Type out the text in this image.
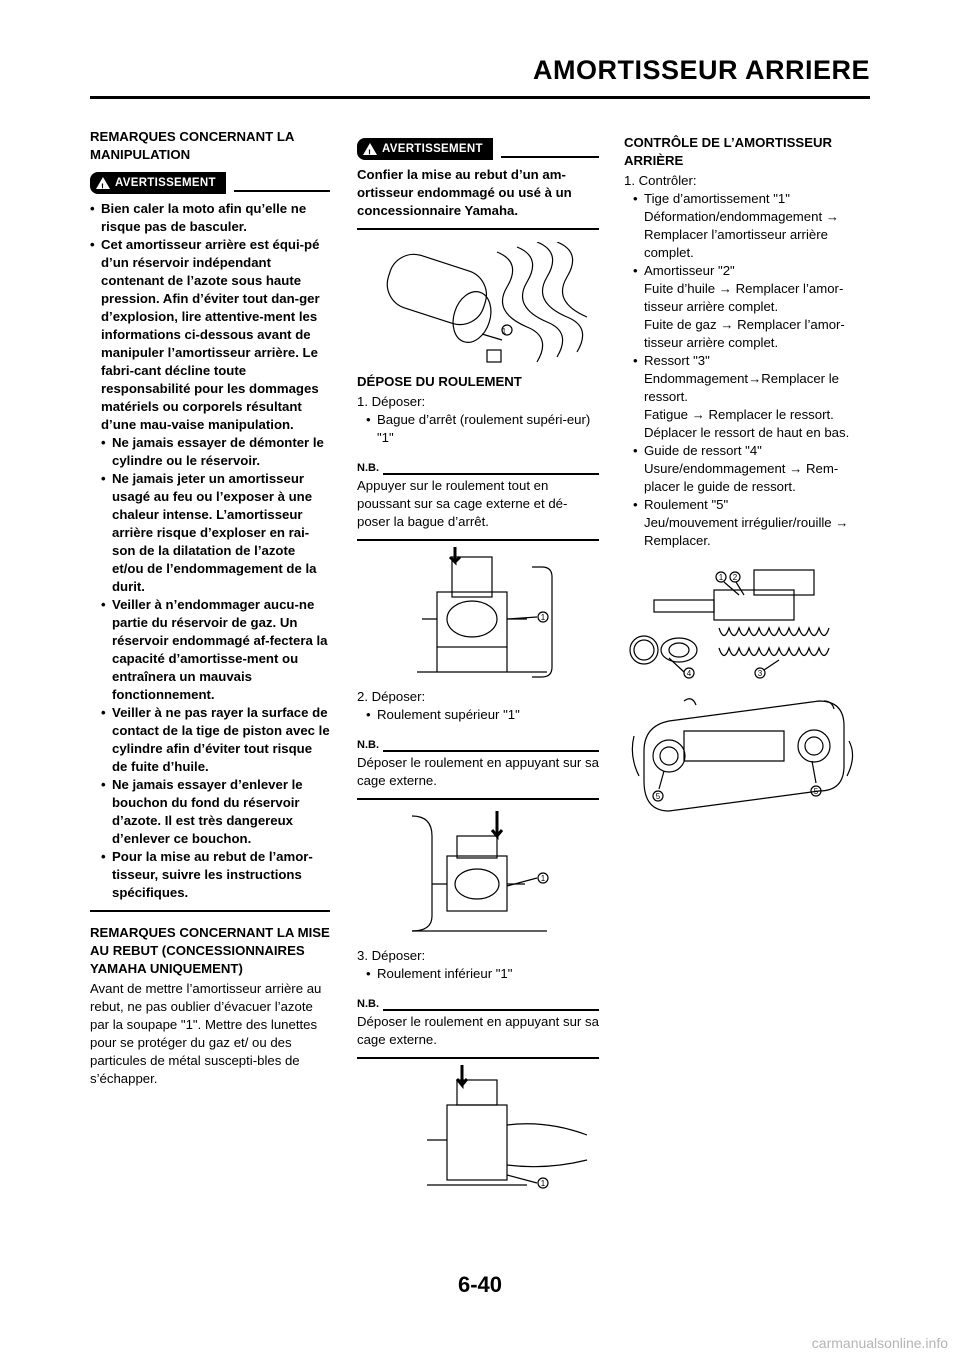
AMORTISSEUR ARRIERE
REMARQUES CONCERNANT LA MANIPULATION
!
AVERTISSEMENT
• Bien caler la moto afin qu’elle ne risque pas de basculer.
• Cet amortisseur arrière est équi-pé d’un réservoir indépendant contenant de l’azote sous haute pression. Afin d’éviter tout dan-ger d’explosion, lire attentive-ment les informations ci-dessous avant de manipuler l’amortisseur arrière. Le fabri-cant décline toute responsabilité pour les dommages matériels ou corporels résultant d’une mau-vaise manipulation.
• Ne jamais essayer de démonter le cylindre ou le réservoir.
• Ne jamais jeter un amortisseur usagé au feu ou l’exposer à une chaleur intense. L’amortisseur arrière risque d’exploser en rai-son de la dilatation de l’azote et/ou de l’endommagement de la durit.
• Veiller à n’endommager aucu-ne partie du réservoir de gaz. Un réservoir endommagé af-fectera la capacité d’amortisse-ment ou entraînera un mauvais fonctionnement.
• Veiller à ne pas rayer la surface de contact de la tige de piston avec le cylindre afin d’éviter tout risque de fuite d’huile.
• Ne jamais essayer d’enlever le bouchon du fond du réservoir d’azote. Il est très dangereux d’enlever ce bouchon.
• Pour la mise au rebut de l’amor-tisseur, suivre les instructions spécifiques.
REMARQUES CONCERNANT LA MISE AU REBUT (CONCESSIONNAIRES YAMAHA UNIQUEMENT)

Avant de mettre l’amortisseur arrière au rebut, ne pas oublier d’évacuer l’azote par la soupape "1". Mettre des lunettes pour se protéger du gaz et/ ou des particules de métal suscepti-bles de s’échapper.

!
AVERTISSEMENT

Confier la mise au rebut d’un am-ortisseur endommagé ou usé à un concessionnaire Yamaha.

1
DÉPOSE DU ROULEMENT
1. Déposer:
• Bague d’arrêt (roulement supéri-eur) "1"
N.B.

Appuyer sur le roulement tout en poussant sur sa cage externe et dé-poser la bague d’arrêt.

1
2. Déposer:
• Roulement supérieur "1"
N.B.

Déposer le roulement en appuyant sur sa cage externe.

1
3. Déposer:
• Roulement inférieur "1"
N.B.

Déposer le roulement en appuyant sur sa cage externe.

1
CONTRÔLE DE L’AMORTISSEUR ARRIÈRE
1. Contrôler:
• Tige d’amortissement "1"
Déformation/endommagement → Remplacer l’amortisseur arrière complet.
• Amortisseur "2"
Fuite d’huile → Remplacer l’amor-tisseur arrière complet.
Fuite de gaz → Remplacer l’amor-tisseur arrière complet.
• Ressort "3"
Endommagement→Remplacer le ressort.
Fatigue → Remplacer le ressort.
Déplacer le ressort de haut en bas.
• Guide de ressort "4"
Usure/endommagement → Rem-placer le guide de ressort.
• Roulement "5"
Jeu/mouvement irrégulier/rouille → Remplacer.
1 2
3
4
5
5
6-40
carmanualsonline.info
